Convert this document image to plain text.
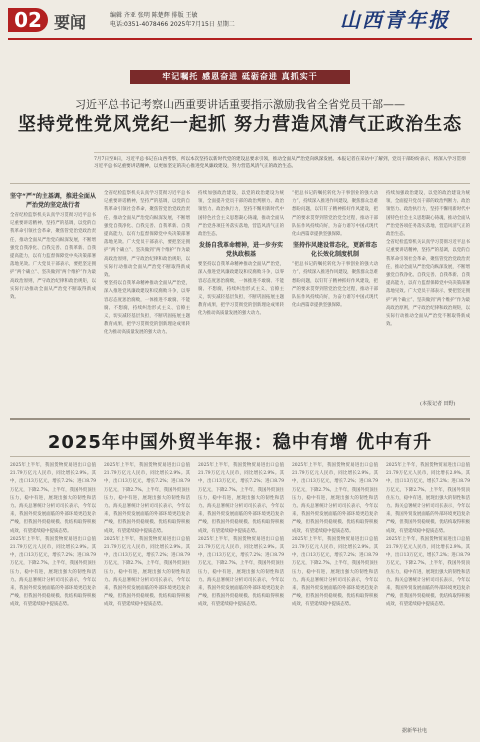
02 要闻	编辑 齐亚 张明 陈楚辉 排版 王敏
电话:0351-4078466 2025年7月15日 星期二	山西青年报
牢记嘱托 感恩奋进 砥砺奋进 真抓实干
习近平总书记考察山西重要讲话重要指示激励我省全省党员干部——
坚持党性党风党纪一起抓 努力营造风清气正政治生态
7月7日至8日，习近平总书记在山西考察，所以本次坚持以新时代党的建设总要求引领，推动全面从严治党向纵深发展。本报记者在采访中了解到，党员干部纷纷表示，将深入学习贯彻习近平总书记重要讲话精神，以更加坚定的决心推进党风廉政建设，努力营造风清气正的政治生态。
坚守“严”的主基调，推进全面从严治党的坚定战行者
全省纪检监察机关认真学习贯彻习近平总书记重要讲话精神，坚持严的基调，以党的自我革命引领社会革命，聚焦管党治党政治责任，推动全面从严治党向纵深发展，不断增强党自我净化、自我完善、自我革新、自我提高能力，以有力监督保障党中央决策部署落地见效。广大党员干部表示，要把坚定拥护“两个确立”、坚决做到“两个维护”作为最高政治原则，严守政治纪律和政治规矩，以实际行动推动全面从严治党不断取得新成效。
全省纪检监察机关认真学习贯彻习近平总书记重要讲话精神，坚持严的基调，以党的自我革命引领社会革命，聚焦管党治党政治责任，推动全面从严治党向纵深发展，不断增强党自我净化、自我完善、自我革新、自我提高能力，以有力监督保障党中央决策部署落地见效。广大党员干部表示，要把坚定拥护“两个确立”、坚决做到“两个维护”作为最高政治原则，严守政治纪律和政治规矩，以实际行动推动全面从严治党不断取得新成效。
要坚持以自我革命精神推动全面从严治党，深入推进党风廉政建设和反腐败斗争，以零容忍态度惩治腐败，一体推进不敢腐、不能腐、不想腐，持续纠治形式主义、官僚主义，切实减轻基层负担，不断巩固拓展主题教育成果，把学习贯彻党的创新理论成果转化为推动高质量发展的强大动力。
持续加强政治建设，以党的政治建设为统领，全面提升党员干部的政治判断力、政治领悟力、政治执行力，坚持不懈用新时代中国特色社会主义思想凝心铸魂，推动全面从严治党各项任务落实落地，营造风清气正的政治生态。
发扬自我革命精神，进一步夯实党执政根基
要坚持以自我革命精神推动全面从严治党，深入推进党风廉政建设和反腐败斗争，以零容忍态度惩治腐败，一体推进不敢腐、不能腐、不想腐，持续纠治形式主义、官僚主义，切实减轻基层负担，不断巩固拓展主题教育成果，把学习贯彻党的创新理论成果转化为推动高质量发展的强大动力。
“把总书记的嘱托转化为干事创业的强大动力”，持续深入推进作风建设，聚焦群众急难愁盼问题，以钉钉子精神抓好作风建设，把严的要求贯穿到管党治党全过程，推动干部队伍作风持续向好，为奋力谱写中国式现代化山西篇章提供坚强保障。
坚持作风建设常态化，更新常态化长效化制度机制
“把总书记的嘱托转化为干事创业的强大动力”，持续深入推进作风建设，聚焦群众急难愁盼问题，以钉钉子精神抓好作风建设，把严的要求贯穿到管党治党全过程，推动干部队伍作风持续向好，为奋力谱写中国式现代化山西篇章提供坚强保障。
持续加强政治建设，以党的政治建设为统领，全面提升党员干部的政治判断力、政治领悟力、政治执行力，坚持不懈用新时代中国特色社会主义思想凝心铸魂，推动全面从严治党各项任务落实落地，营造风清气正的政治生态。
全省纪检监察机关认真学习贯彻习近平总书记重要讲话精神，坚持严的基调，以党的自我革命引领社会革命，聚焦管党治党政治责任，推动全面从严治党向纵深发展，不断增强党自我净化、自我完善、自我革新、自我提高能力，以有力监督保障党中央决策部署落地见效。广大党员干部表示，要把坚定拥护“两个确立”、坚决做到“两个维护”作为最高政治原则，严守政治纪律和政治规矩，以实际行动推动全面从严治党不断取得新成效。
(本报记者 田野)
2025年中国外贸半年报：稳中有增 优中有升
2025年上半年，我国货物贸易进出口总值21.79万亿元人民币，同比增长2.9%。其中，出口13万亿元，增长7.2%；进口8.79万亿元，下降2.7%。上半年，我国外贸顶住压力，稳中有进，展现出强大的韧性和活力。海关总署统计分析司司长表示，今年以来，我国外贸发展面临的外部环境更趋复杂严峻，但我国外贸稳规模、优结构取得积极成效，有望延续稳中提质态势。
2025年上半年，我国货物贸易进出口总值21.79万亿元人民币，同比增长2.9%。其中，出口13万亿元，增长7.2%；进口8.79万亿元，下降2.7%。上半年，我国外贸顶住压力，稳中有进，展现出强大的韧性和活力。海关总署统计分析司司长表示，今年以来，我国外贸发展面临的外部环境更趋复杂严峻，但我国外贸稳规模、优结构取得积极成效，有望延续稳中提质态势。
2025年上半年，我国货物贸易进出口总值21.79万亿元人民币，同比增长2.9%。其中，出口13万亿元，增长7.2%；进口8.79万亿元，下降2.7%。上半年，我国外贸顶住压力，稳中有进，展现出强大的韧性和活力。海关总署统计分析司司长表示，今年以来，我国外贸发展面临的外部环境更趋复杂严峻，但我国外贸稳规模、优结构取得积极成效，有望延续稳中提质态势。
2025年上半年，我国货物贸易进出口总值21.79万亿元人民币，同比增长2.9%。其中，出口13万亿元，增长7.2%；进口8.79万亿元，下降2.7%。上半年，我国外贸顶住压力，稳中有进，展现出强大的韧性和活力。海关总署统计分析司司长表示，今年以来，我国外贸发展面临的外部环境更趋复杂严峻，但我国外贸稳规模、优结构取得积极成效，有望延续稳中提质态势。
2025年上半年，我国货物贸易进出口总值21.79万亿元人民币，同比增长2.9%。其中，出口13万亿元，增长7.2%；进口8.79万亿元，下降2.7%。上半年，我国外贸顶住压力，稳中有进，展现出强大的韧性和活力。海关总署统计分析司司长表示，今年以来，我国外贸发展面临的外部环境更趋复杂严峻，但我国外贸稳规模、优结构取得积极成效，有望延续稳中提质态势。
2025年上半年，我国货物贸易进出口总值21.79万亿元人民币，同比增长2.9%。其中，出口13万亿元，增长7.2%；进口8.79万亿元，下降2.7%。上半年，我国外贸顶住压力，稳中有进，展现出强大的韧性和活力。海关总署统计分析司司长表示，今年以来，我国外贸发展面临的外部环境更趋复杂严峻，但我国外贸稳规模、优结构取得积极成效，有望延续稳中提质态势。
2025年上半年，我国货物贸易进出口总值21.79万亿元人民币，同比增长2.9%。其中，出口13万亿元，增长7.2%；进口8.79万亿元，下降2.7%。上半年，我国外贸顶住压力，稳中有进，展现出强大的韧性和活力。海关总署统计分析司司长表示，今年以来，我国外贸发展面临的外部环境更趋复杂严峻，但我国外贸稳规模、优结构取得积极成效，有望延续稳中提质态势。
2025年上半年，我国货物贸易进出口总值21.79万亿元人民币，同比增长2.9%。其中，出口13万亿元，增长7.2%；进口8.79万亿元，下降2.7%。上半年，我国外贸顶住压力，稳中有进，展现出强大的韧性和活力。海关总署统计分析司司长表示，今年以来，我国外贸发展面临的外部环境更趋复杂严峻，但我国外贸稳规模、优结构取得积极成效，有望延续稳中提质态势。
2025年上半年，我国货物贸易进出口总值21.79万亿元人民币，同比增长2.9%。其中，出口13万亿元，增长7.2%；进口8.79万亿元，下降2.7%。上半年，我国外贸顶住压力，稳中有进，展现出强大的韧性和活力。海关总署统计分析司司长表示，今年以来，我国外贸发展面临的外部环境更趋复杂严峻，但我国外贸稳规模、优结构取得积极成效，有望延续稳中提质态势。
2025年上半年，我国货物贸易进出口总值21.79万亿元人民币，同比增长2.9%。其中，出口13万亿元，增长7.2%；进口8.79万亿元，下降2.7%。上半年，我国外贸顶住压力，稳中有进，展现出强大的韧性和活力。海关总署统计分析司司长表示，今年以来，我国外贸发展面临的外部环境更趋复杂严峻，但我国外贸稳规模、优结构取得积极成效，有望延续稳中提质态势。
据新华社电
